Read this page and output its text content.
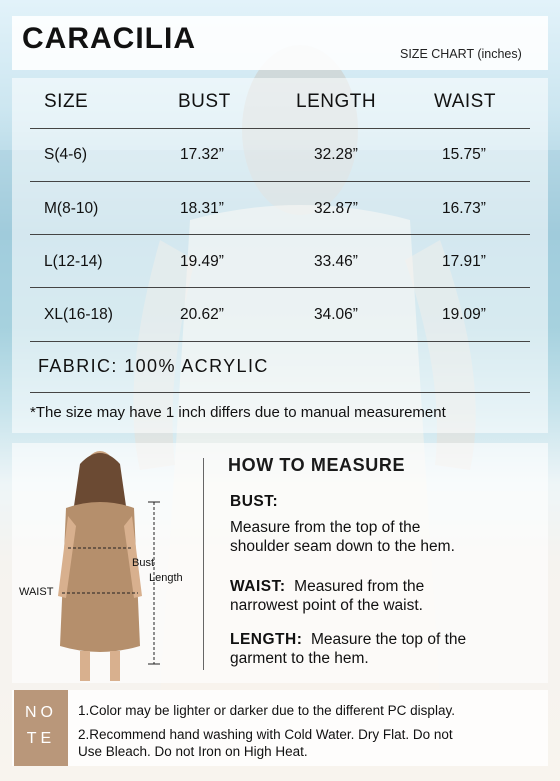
CARACILIA	SIZE CHART (inches)
SIZE	BUST	LENGTH	WAIST
S(4-6)	17.32”	32.28”	15.75”
M(8-10)	18.31”	32.87”	16.73”
L(12-14)	19.49”	33.46”	17.91”
XL(16-18)	20.62”	34.06”	19.09”
FABRIC: 100% ACRYLIC
*The size may have 1 inch differs due to manual measurement
Bust
Length
WAIST
HOW TO MEASURE
BUST:
Measure from the top of the
shoulder seam down to the hem.
WAIST: Measured from the
narrowest point of the waist.
LENGTH: Measure the top of the
garment to the hem.
NO
TE
1.Color may be lighter or darker due to the different PC display.
2.Recommend hand washing with Cold Water. Dry Flat. Do not
Use Bleach. Do not Iron on High Heat.
